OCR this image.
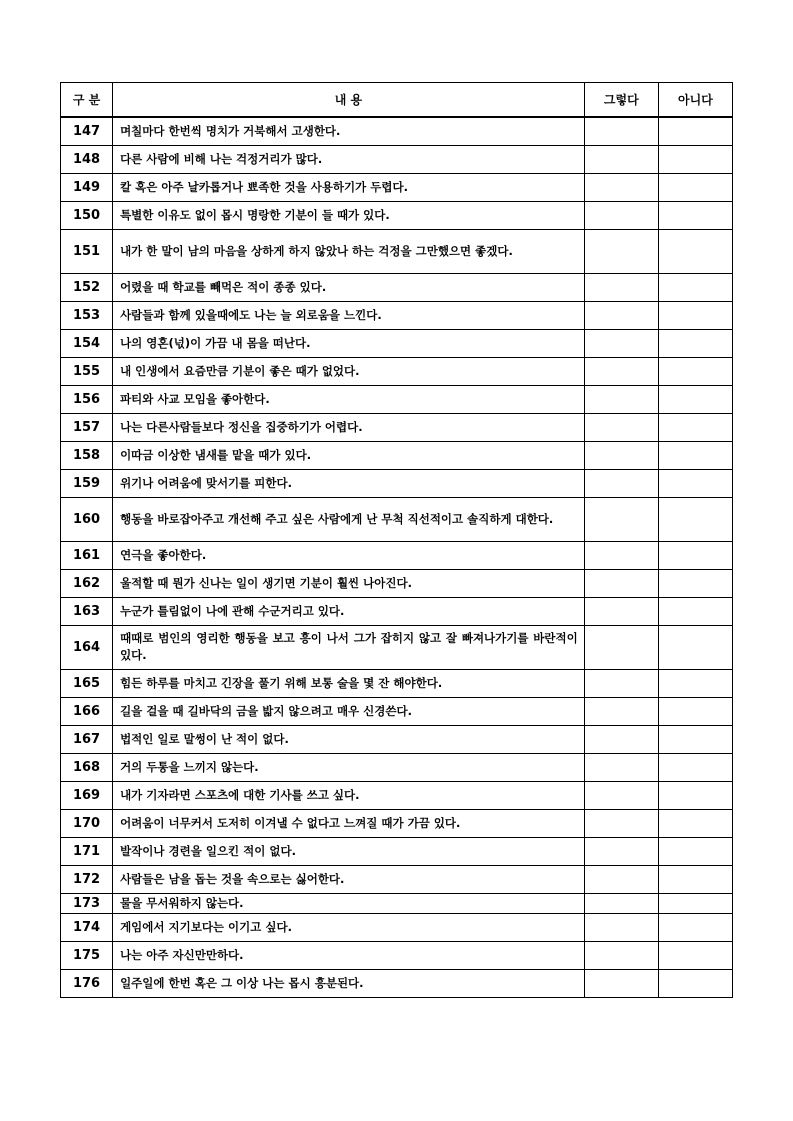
구 분	내 용	그렇다	아니다
147	며칠마다 한번씩 명치가 거북해서 고생한다.		
148	다른 사람에 비해 나는 걱정거리가 많다.		
149	칼 혹은 아주 날카롭거나 뾰족한 것을 사용하기가 두렵다.		
150	특별한 이유도 없이 몹시 명랑한 기분이 들 때가 있다.		
151	내가 한 말이 남의 마음을 상하게 하지 않았나 하는 걱정을 그만했으면 좋겠다.		
152	어렸을 때 학교를 빼먹은 적이 종종 있다.		
153	사람들과 함께 있을때에도 나는 늘 외로움을 느낀다.		
154	나의 영혼(넋)이 가끔 내 몸을 떠난다.		
155	내 인생에서 요즘만큼 기분이 좋은 때가 없었다.		
156	파티와 사교 모임을 좋아한다.		
157	나는 다른사람들보다 정신을 집중하기가 어렵다.		
158	이따금 이상한 냄새를 맡을 때가 있다.		
159	위기나 어려움에 맞서기를 피한다.		
160	행동을 바로잡아주고 개선해 주고 싶은 사람에게 난 무척 직선적이고 솔직하게 대한다.		
161	연극을 좋아한다.		
162	울적할 때 뭔가 신나는 일이 생기면 기분이 훨씬 나아진다.		
163	누군가 틀림없이 나에 관해 수군거리고 있다.		
164	때때로 범인의 영리한 행동을 보고 흥이 나서 그가 잡히지 않고 잘 빠져나가기를 바란적이 있다.		
165	힘든 하루를 마치고 긴장을 풀기 위해 보통 술을 몇 잔 해야한다.		
166	길을 걸을 때 길바닥의 금을 밟지 않으려고 매우 신경쓴다.		
167	법적인 일로 말썽이 난 적이 없다.		
168	거의 두통을 느끼지 않는다.		
169	내가 기자라면 스포츠에 대한 기사를 쓰고 싶다.		
170	어려움이 너무커서 도저히 이겨낼 수 없다고 느껴질 때가 가끔 있다.		
171	발작이나 경련을 일으킨 적이 없다.		
172	사람들은 남을 돕는 것을 속으로는 싫어한다.		
173	물을 무서워하지 않는다.		
174	게임에서 지기보다는 이기고 싶다.		
175	나는 아주 자신만만하다.		
176	일주일에 한번 혹은 그 이상 나는 몹시 흥분된다.		
